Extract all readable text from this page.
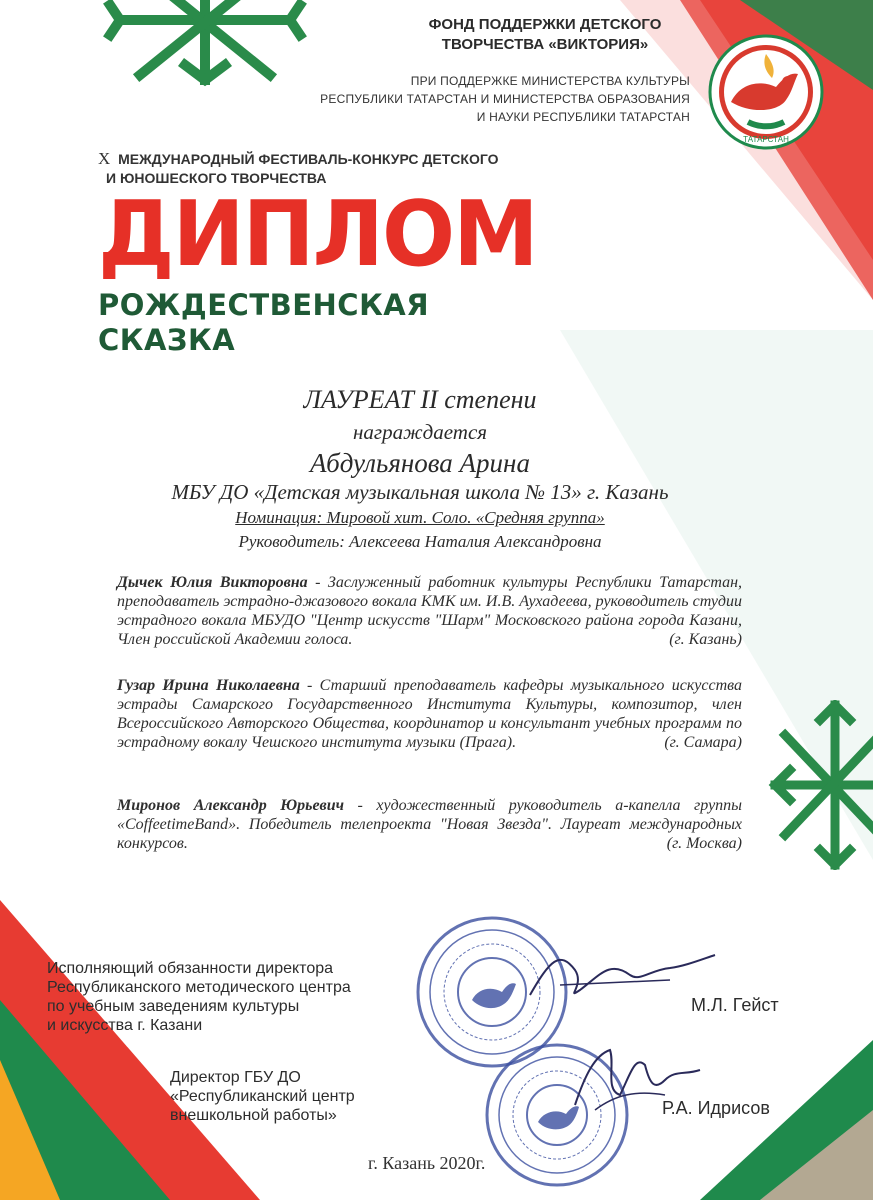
ТАТАРСТАН
ФОНД ПОДДЕРЖКИ ДЕТСКОГО
ТВОРЧЕСТВА «ВИКТОРИЯ»
ПРИ ПОДДЕРЖКЕ МИНИСТЕРСТВА КУЛЬТУРЫ
РЕСПУБЛИКИ ТАТАРСТАН И МИНИСТЕРСТВА ОБРАЗОВАНИЯ
И НАУКИ РЕСПУБЛИКИ ТАТАРСТАН
X МЕЖДУНАРОДНЫЙ ФЕСТИВАЛЬ-КОНКУРС ДЕТСКОГО
И ЮНОШЕСКОГО ТВОРЧЕСТВА
ДИПЛОМ
РОЖДЕСТВЕНСКАЯ
СКАЗКА
ЛАУРЕАТ II степени
награждается
Абдульянова Арина
МБУ ДО «Детская музыкальная школа № 13» г. Казань
Номинация: Мировой хит. Соло. «Средняя группа»
Руководитель: Алексеева Наталия Александровна
Дычек Юлия Викторовна - Заслуженный работник культуры Республики Татарстан, преподаватель эстрадно-джазового вокала КМК им. И.В. Аухадеева, руководитель студии эстрадного вокала МБУДО "Центр искусств "Шарм" Московского района города Казани, Член российской Академии голоса.	(г. Казань)
Гузар Ирина Николаевна - Старший преподаватель кафедры музыкального искусства эстрады Самарского Государственного Института Культуры, композитор, член Всероссийского Авторского Общества, координатор и консультант учебных программ по эстрадному вокалу Чешского института музыки (Прага).	(г. Самара)
Миронов Александр Юрьевич - художественный руководитель а-капелла группы «CoffeetimeBand». Победитель телепроекта "Новая Звезда". Лауреат международных конкурсов.	(г. Москва)
Исполняющий обязанности директора
Республиканского методического центра
по учебным заведениям культуры
и искусства г. Казани
М.Л. Гейст
Директор ГБУ ДО
«Республиканский центр
внешкольной работы»	Р.А. Идрисов
г. Казань 2020г.
